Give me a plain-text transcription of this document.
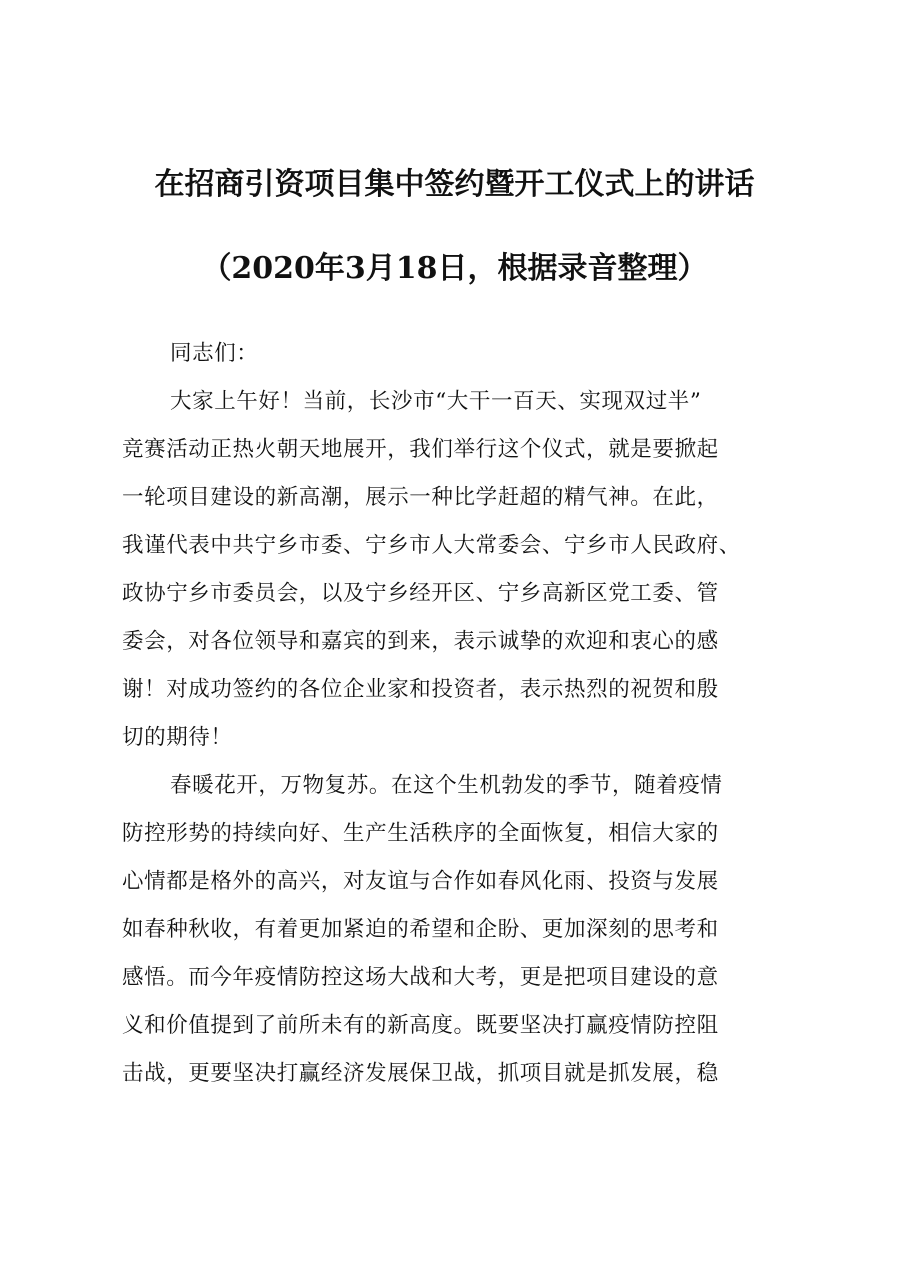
在招商引资项目集中签约暨开工仪式上的讲话
（2020年3月18日，根据录音整理）
同志们：
大家上午好！当前，长沙市“大干一百天、实现双过半”
竞赛活动正热火朝天地展开，我们举行这个仪式，就是要掀起
一轮项目建设的新高潮，展示一种比学赶超的精气神。在此，
我谨代表中共宁乡市委、宁乡市人大常委会、宁乡市人民政府、
政协宁乡市委员会，以及宁乡经开区、宁乡高新区党工委、管
委会，对各位领导和嘉宾的到来，表示诚挚的欢迎和衷心的感
谢！对成功签约的各位企业家和投资者，表示热烈的祝贺和殷
切的期待！
春暖花开，万物复苏。在这个生机勃发的季节，随着疫情
防控形势的持续向好、生产生活秩序的全面恢复，相信大家的
心情都是格外的高兴，对友谊与合作如春风化雨、投资与发展
如春种秋收，有着更加紧迫的希望和企盼、更加深刻的思考和
感悟。而今年疫情防控这场大战和大考，更是把项目建设的意
义和价值提到了前所未有的新高度。既要坚决打赢疫情防控阻
击战，更要坚决打赢经济发展保卫战，抓项目就是抓发展，稳
